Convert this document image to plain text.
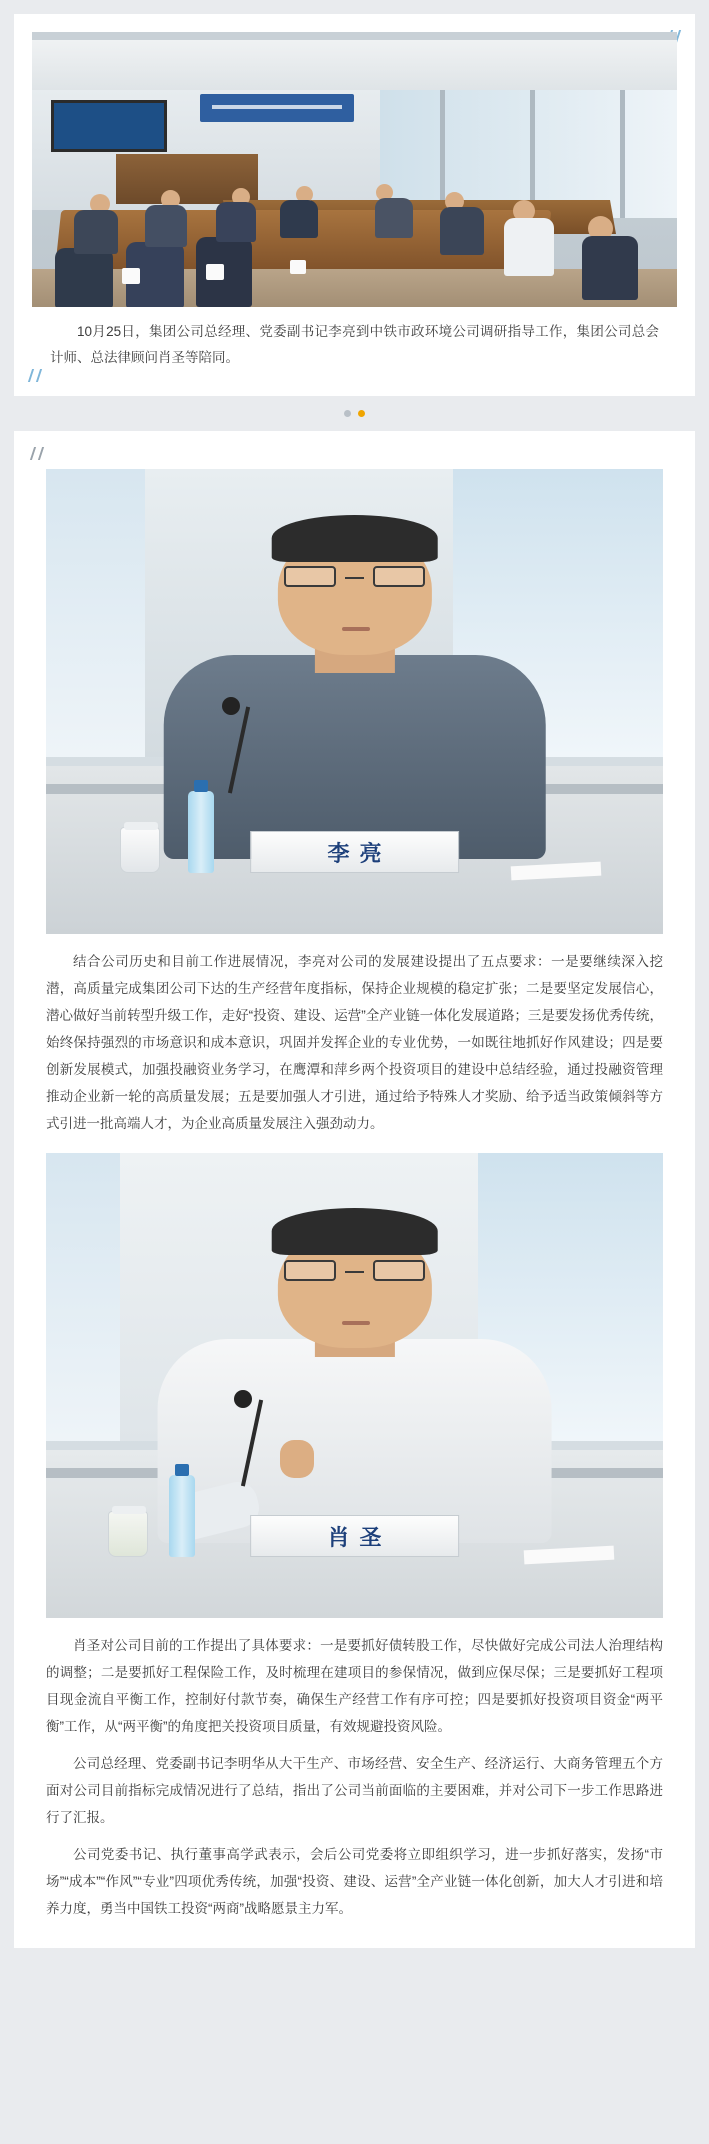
10月25日，集团公司总经理、党委副书记李亮到中铁市政环境公司调研指导工作，集团公司总会计师、总法律顾问肖圣等陪同。
李亮
结合公司历史和目前工作进展情况，李亮对公司的发展建设提出了五点要求：一是要继续深入挖潜，高质量完成集团公司下达的生产经营年度指标，保持企业规模的稳定扩张；二是要坚定发展信心，潜心做好当前转型升级工作，走好“投资、建设、运营”全产业链一体化发展道路；三是要发扬优秀传统，始终保持强烈的市场意识和成本意识，巩固并发挥企业的专业优势，一如既往地抓好作风建设；四是要创新发展模式，加强投融资业务学习，在鹰潭和萍乡两个投资项目的建设中总结经验，通过投融资管理推动企业新一轮的高质量发展；五是要加强人才引进，通过给予特殊人才奖励、给予适当政策倾斜等方式引进一批高端人才，为企业高质量发展注入强劲动力。
肖圣
肖圣对公司目前的工作提出了具体要求：一是要抓好债转股工作，尽快做好完成公司法人治理结构的调整；二是要抓好工程保险工作，及时梳理在建项目的参保情况，做到应保尽保；三是要抓好工程项目现金流自平衡工作，控制好付款节奏，确保生产经营工作有序可控；四是要抓好投资项目资金“两平衡”工作，从“两平衡”的角度把关投资项目质量，有效规避投资风险。
公司总经理、党委副书记李明华从大干生产、市场经营、安全生产、经济运行、大商务管理五个方面对公司目前指标完成情况进行了总结，指出了公司当前面临的主要困难，并对公司下一步工作思路进行了汇报。
公司党委书记、执行董事高学武表示，会后公司党委将立即组织学习，进一步抓好落实，发扬“市场”“成本”“作风”“专业”四项优秀传统，加强“投资、建设、运营”全产业链一体化创新，加大人才引进和培养力度，勇当中国铁工投资“两商”战略愿景主力军。
